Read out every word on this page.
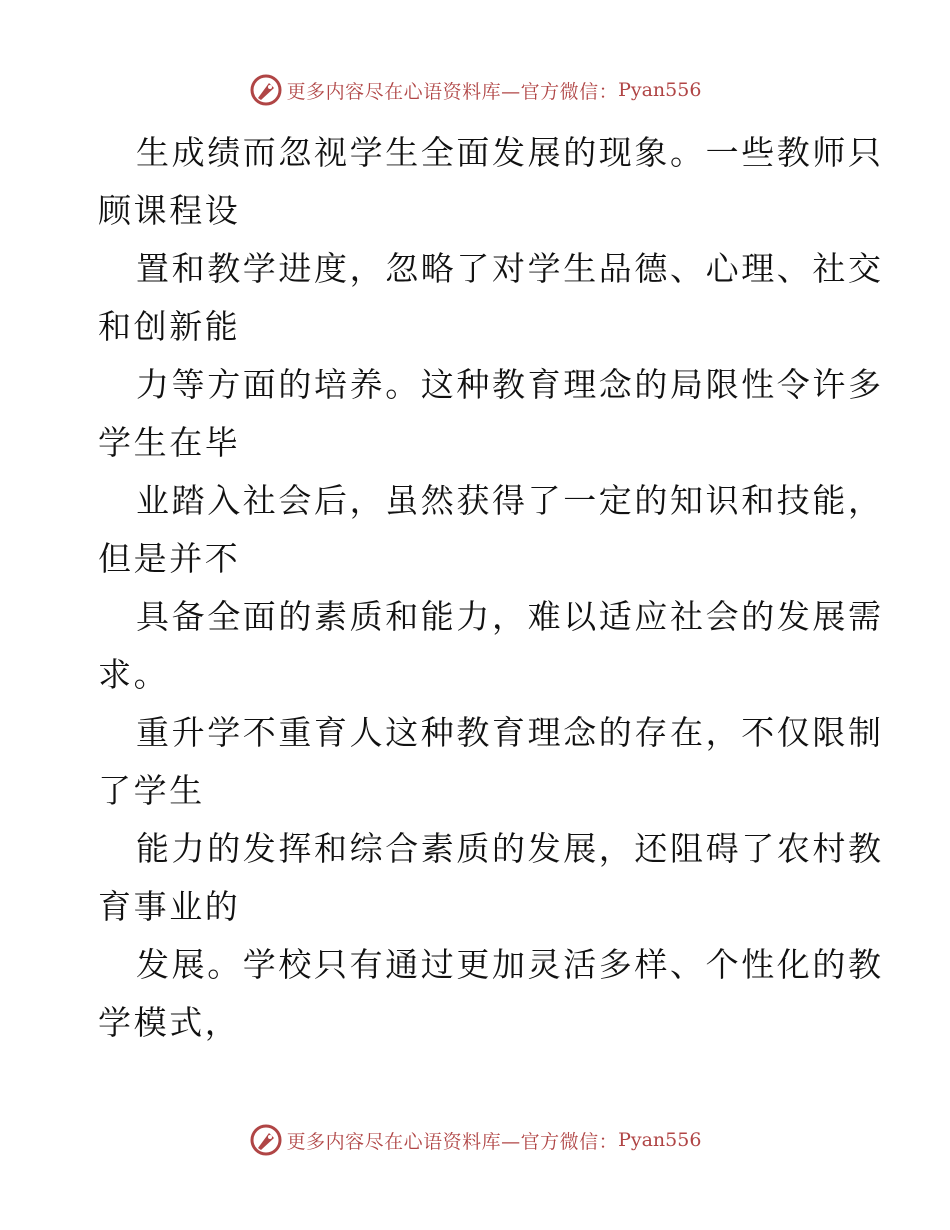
更多内容尽在心语资料库—官方微信： Pyan556

生成绩而忽视学生全面发展的现象。一些教师只

顾课程设

置和教学进度，忽略了对学生品德、心理、社交

和创新能

力等方面的培养。这种教育理念的局限性令许多

学生在毕

业踏入社会后，虽然获得了一定的知识和技能，

但是并不

具备全面的素质和能力，难以适应社会的发展需

求。

重升学不重育人这种教育理念的存在，不仅限制

了学生

能力的发挥和综合素质的发展，还阻碍了农村教

育事业的

发展。学校只有通过更加灵活多样、个性化的教

学模式，

更多内容尽在心语资料库—官方微信： Pyan556
